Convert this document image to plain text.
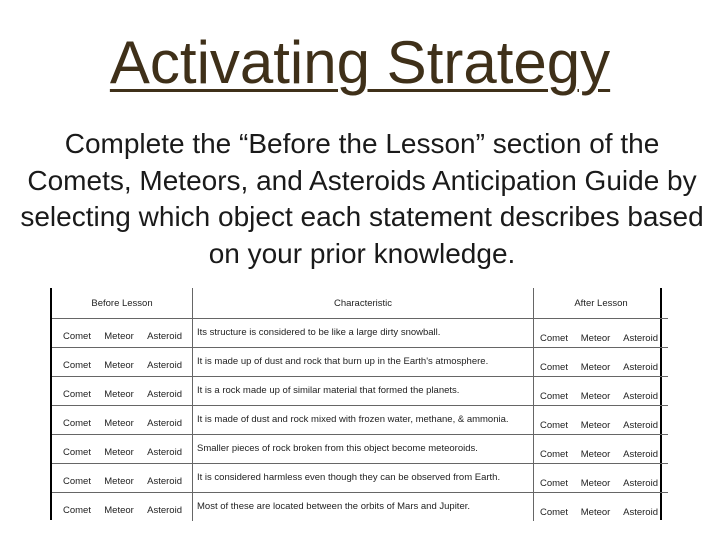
Activating Strategy
Complete the “Before the Lesson” section of the Comets, Meteors, and Asteroids Anticipation Guide by selecting which object each statement describes based on your prior knowledge.
Before Lesson	Characteristic	After Lesson

Comet Meteor Asteroid	Its structure is considered to be like a large dirty snowball.	Comet Meteor Asteroid

Comet Meteor Asteroid	It is made up of dust and rock that burn up in the Earth's atmosphere.	Comet Meteor Asteroid

Comet Meteor Asteroid	It is a rock made up of similar material that formed the planets.	Comet Meteor Asteroid

Comet Meteor Asteroid	It is made of dust and rock mixed with frozen water, methane, & ammonia.	Comet Meteor Asteroid

Comet Meteor Asteroid	Smaller pieces of rock broken from this object become meteoroids.	Comet Meteor Asteroid

Comet Meteor Asteroid	It is considered harmless even though they can be observed from Earth.	Comet Meteor Asteroid

Comet Meteor Asteroid	Most of these are located between the orbits of Mars and Jupiter.	Comet Meteor Asteroid
